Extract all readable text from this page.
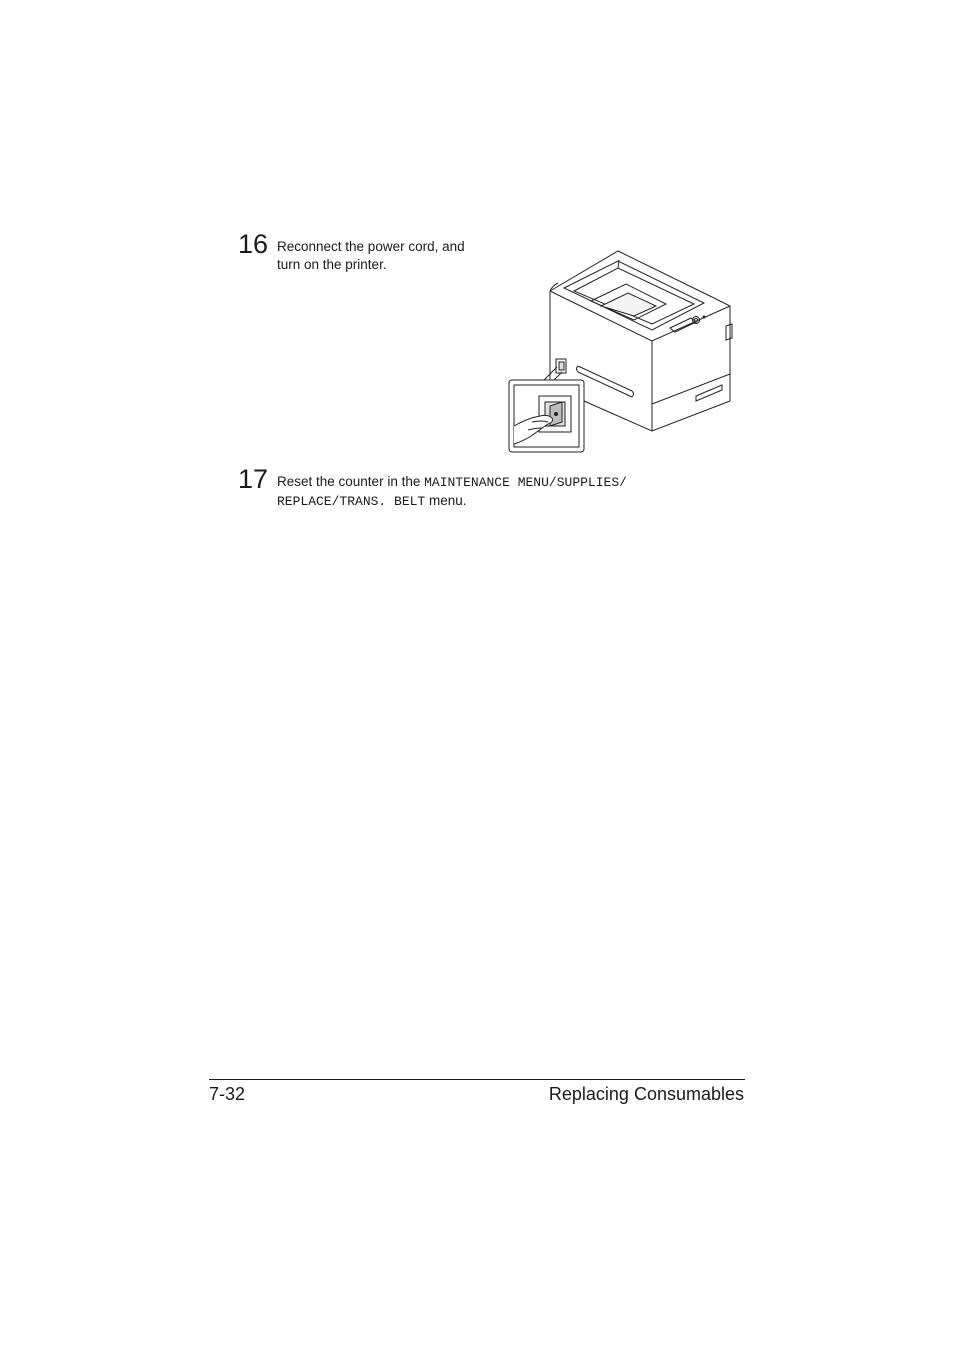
16 Reconnect the power cord, and
turn on the printer.
17 Reset the counter in the MAINTENANCE MENU/SUPPLIES/
REPLACE/TRANS. BELT menu.
7-32	Replacing Consumables
